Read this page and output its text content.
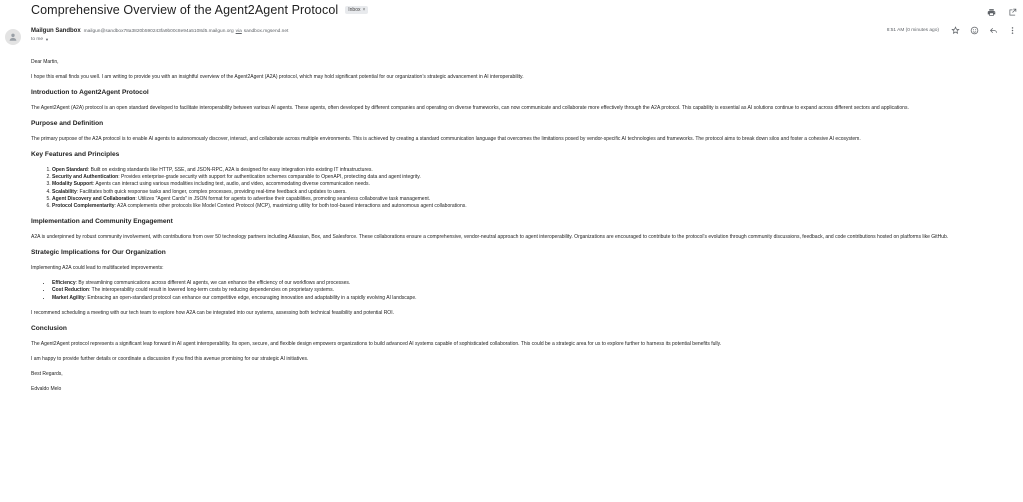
Comprehensive Overview of the Agent2Agent Protocol Inbox ×
Mailgun Sandbox mailgun@sandbox78a3820b590243fa9b00c8e94a5108d5.mailgun.org via sandbox.mgsend.net
to me ▼
8:51 AM (0 minutes ago)

Dear Martin,

I hope this email finds you well. I am writing to provide you with an insightful overview of the Agent2Agent (A2A) protocol, which may hold significant potential for our organization’s strategic advancement in AI interoperability.

Introduction to Agent2Agent Protocol

The Agent2Agent (A2A) protocol is an open standard developed to facilitate interoperability between various AI agents. These agents, often developed by different companies and operating on diverse frameworks, can now communicate and collaborate more effectively through the A2A protocol. This capability is essential as AI solutions continue to expand across different sectors and applications.

Purpose and Definition

The primary purpose of the A2A protocol is to enable AI agents to autonomously discover, interact, and collaborate across multiple environments. This is achieved by creating a standard communication language that overcomes the limitations posed by vendor-specific AI technologies and frameworks. The protocol aims to break down silos and foster a cohesive AI ecosystem.

Key Features and Principles
1. Open Standard: Built on existing standards like HTTP, SSE, and JSON-RPC, A2A is designed for easy integration into existing IT infrastructures.
2. Security and Authentication: Provides enterprise-grade security with support for authentication schemes comparable to OpenAPI, protecting data and agent integrity.
3. Modality Support: Agents can interact using various modalities including text, audio, and video, accommodating diverse communication needs.
4. Scalability: Facilitates both quick response tasks and longer, complex processes, providing real-time feedback and updates to users.
5. Agent Discovery and Collaboration: Utilizes "Agent Cards" in JSON format for agents to advertise their capabilities, promoting seamless collaborative task management.
6. Protocol Complementarity: A2A complements other protocols like Model Context Protocol (MCP), maximizing utility for both tool-based interactions and autonomous agent collaborations.
Implementation and Community Engagement

A2A is underpinned by robust community involvement, with contributions from over 50 technology partners including Atlassian, Box, and Salesforce. These collaborations ensure a comprehensive, vendor-neutral approach to agent interoperability. Organizations are encouraged to contribute to the protocol’s evolution through community discussions, feedback, and code contributions hosted on platforms like GitHub.

Strategic Implications for Our Organization

Implementing A2A could lead to multifaceted improvements:

• Efficiency: By streamlining communications across different AI agents, we can enhance the efficiency of our workflows and processes.
• Cost Reduction: The interoperability could result in lowered long-term costs by reducing dependencies on proprietary systems.
• Market Agility: Embracing an open-standard protocol can enhance our competitive edge, encouraging innovation and adaptability in a rapidly evolving AI landscape.

I recommend scheduling a meeting with our tech team to explore how A2A can be integrated into our systems, assessing both technical feasibility and potential ROI.

Conclusion

The Agent2Agent protocol represents a significant leap forward in AI agent interoperability. Its open, secure, and flexible design empowers organizations to build advanced AI systems capable of sophisticated collaboration. This could be a strategic area for us to explore further to harness its potential benefits fully.

I am happy to provide further details or coordinate a discussion if you find this avenue promising for our strategic AI initiatives.

Best Regards,

Edvaldo Melo
